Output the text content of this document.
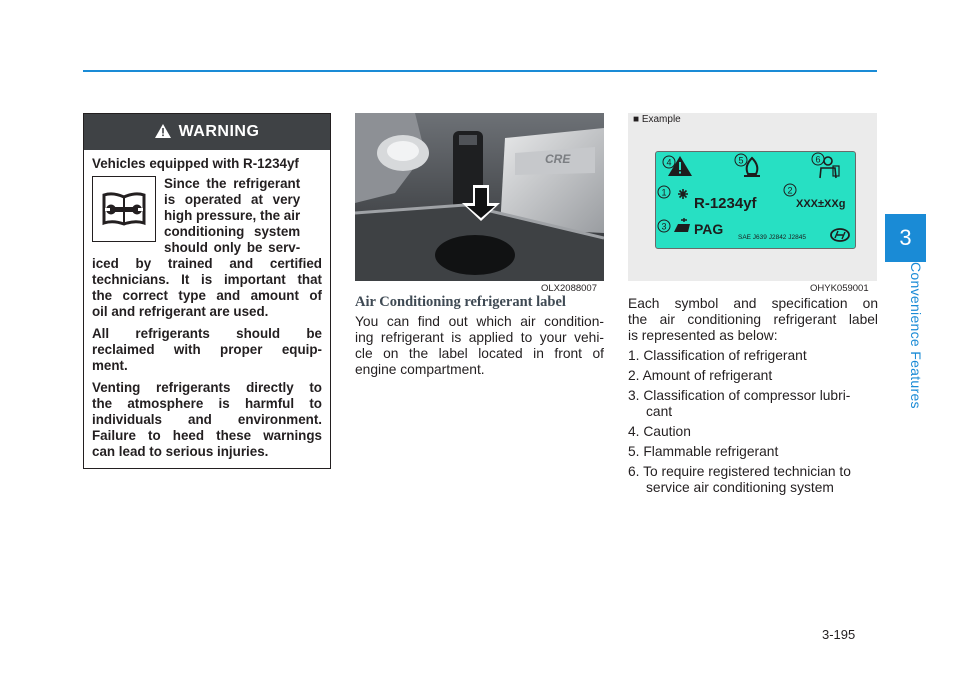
3
Convenience Features
WARNING
Vehicles equipped with R-1234yf
Since the refrigerant
is operated at very
high pressure, the air
conditioning system
should only be serv-
iced by trained and certified
technicians. It is important that
the correct type and amount of
oil and refrigerant are used.
All refrigerants should be
reclaimed with proper equip-
ment.
Venting refrigerants directly to
the atmosphere is harmful to
individuals and environment.
Failure to heed these warnings
can lead to serious injuries.
CRE
OLX2088007
Air Conditioning refrigerant label
You can find out which air condition-
ing refrigerant is applied to your vehi-
cle on the label located in front of
engine compartment.
■ Example
4	5	6
1
R-1234yf
2
XXX±XXg
3 PAG
SAE J639 J2842 J2845
OHYK059001
Each symbol and specification on
the air conditioning refrigerant label
is represented as below:
1. Classification of refrigerant
2. Amount of refrigerant
3. Classification of compressor lubri- cant
4. Caution
5. Flammable refrigerant
6. To require registered technician to service air conditioning system
3-195
